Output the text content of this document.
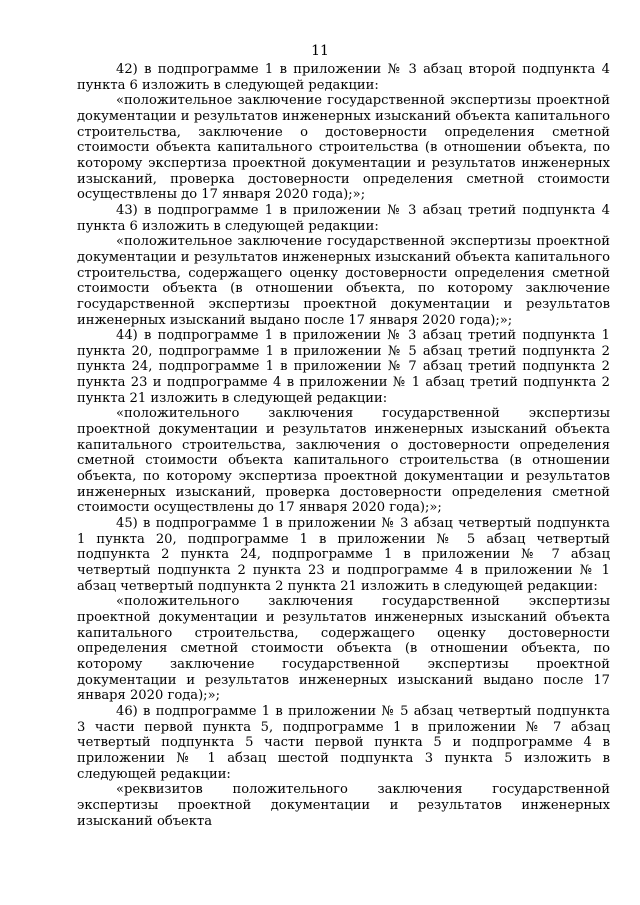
11

42) в подпрограмме 1 в приложении № 3 абзац второй подпункта 4 пункта 6 изложить в следующей редакции:

«положительное заключение государственной экспертизы проектной документации и результатов инженерных изысканий объекта капитального строительства, заключение о достоверности определения сметной стоимости объекта капитального строительства (в отношении объекта, по которому экспертиза проектной документации и результатов инженерных изысканий, проверка достоверности определения сметной стоимости осуществлены до 17 января 2020 года);»;

43) в подпрограмме 1 в приложении № 3 абзац третий подпункта 4 пункта 6 изложить в следующей редакции:

«положительное заключение государственной экспертизы проектной документации и результатов инженерных изысканий объекта капитального строительства, содержащего оценку достоверности определения сметной стоимости объекта (в отношении объекта, по которому заключение государственной экспертизы проектной документации и результатов инженерных изысканий выдано после 17 января 2020 года);»;

44) в подпрограмме 1 в приложении № 3 абзац третий подпункта 1 пункта 20, подпрограмме 1 в приложении № 5 абзац третий подпункта 2 пункта 24, подпрограмме 1 в приложении № 7 абзац третий подпункта 2 пункта 23 и подпрограмме 4 в приложении № 1 абзац третий подпункта 2 пункта 21 изложить в следующей редакции:

«положительного заключения государственной экспертизы проектной документации и результатов инженерных изысканий объекта капитального строительства, заключения о достоверности определения сметной стоимости объекта капитального строительства (в отношении объекта, по которому экспертиза проектной документации и результатов инженерных изысканий, проверка достоверности определения сметной стоимости осуществлены до 17 января 2020 года);»;

45) в подпрограмме 1 в приложении № 3 абзац четвертый подпункта 1 пункта 20, подпрограмме 1 в приложении № 5 абзац четвертый подпункта 2 пункта 24, подпрограмме 1 в приложении № 7 абзац четвертый подпункта 2 пункта 23 и подпрограмме 4 в приложении № 1 абзац четвертый подпункта 2 пункта 21 изложить в следующей редакции:

«положительного заключения государственной экспертизы проектной документации и результатов инженерных изысканий объекта капитального строительства, содержащего оценку достоверности определения сметной стоимости объекта (в отношении объекта, по которому заключение государственной экспертизы проектной документации и результатов инженерных изысканий выдано после 17 января 2020 года);»;

46) в подпрограмме 1 в приложении № 5 абзац четвертый подпункта 3 части первой пункта 5, подпрограмме 1 в приложении № 7 абзац четвертый подпункта 5 части первой пункта 5 и подпрограмме 4 в приложении № 1 абзац шестой подпункта 3 пункта 5 изложить в следующей редакции:

«реквизитов положительного заключения государственной экспертизы проектной документации и результатов инженерных изысканий объекта
